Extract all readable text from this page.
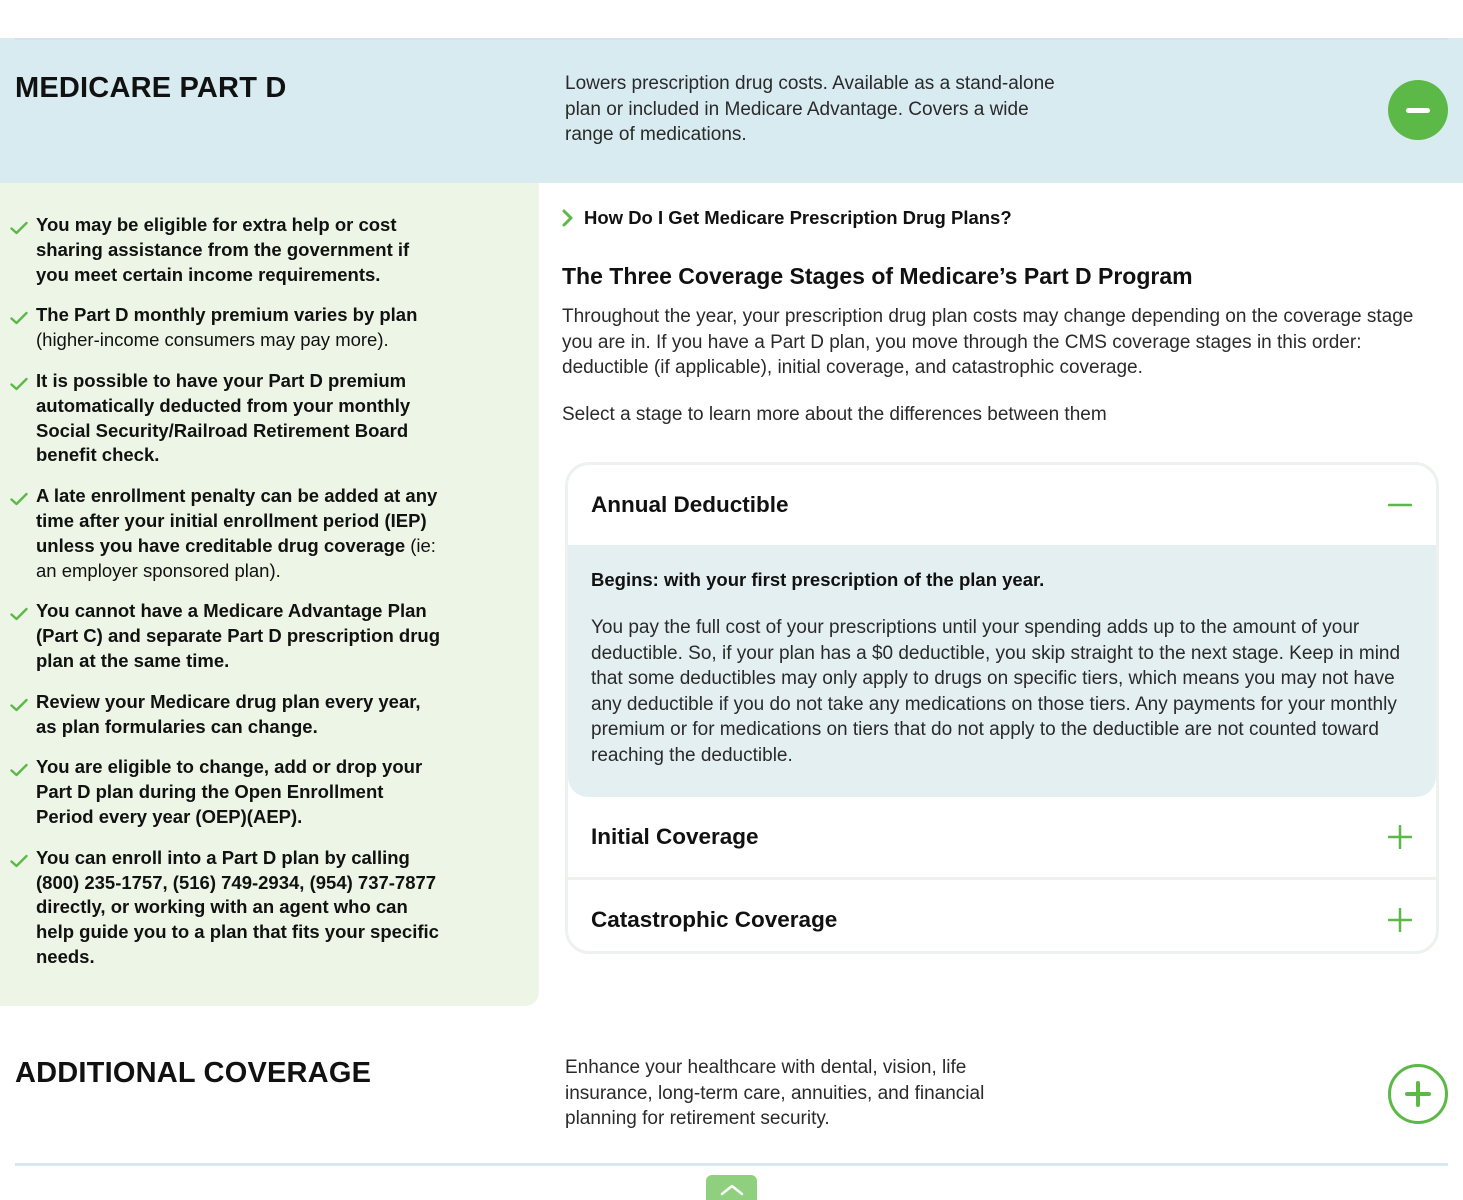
MEDICARE PART D	Lowers prescription drug costs. Available as a stand-alone plan or included in Medicare Advantage. Covers a wide range of medications.

You may be eligible for extra help or cost sharing assistance from the government if you meet certain income requirements.
The Part D monthly premium varies by plan (higher-income consumers may pay more).
It is possible to have your Part D premium automatically deducted from your monthly Social Security/Railroad Retirement Board benefit check.
A late enrollment penalty can be added at any time after your initial enrollment period (IEP) unless you have creditable drug coverage (ie: an employer sponsored plan).
You cannot have a Medicare Advantage Plan (Part C) and separate Part D prescription drug plan at the same time.
Review your Medicare drug plan every year, as plan formularies can change.
You are eligible to change, add or drop your Part D plan during the Open Enrollment Period every year (OEP)(AEP).
You can enroll into a Part D plan by calling (800) 235-1757, (516) 749-2934, (954) 737-7877 directly, or working with an agent who can help guide you to a plan that fits your specific needs.
How Do I Get Medicare Prescription Drug Plans?
The Three Coverage Stages of Medicare’s Part D Program

Throughout the year, your prescription drug plan costs may change depending on the coverage stage you are in. If you have a Part D plan, you move through the CMS coverage stages in this order: deductible (if applicable), initial coverage, and catastrophic coverage.

Select a stage to learn more about the differences between them

Annual Deductible

Begins: with your first prescription of the plan year.

You pay the full cost of your prescriptions until your spending adds up to the amount of your deductible. So, if your plan has a $0 deductible, you skip straight to the next stage. Keep in mind that some deductibles may only apply to drugs on specific tiers, which means you may not have any deductible if you do not take any medications on those tiers. Any payments for your monthly premium or for medications on tiers that do not apply to the deductible are not counted toward reaching the deductible.

Initial Coverage
Catastrophic Coverage
ADDITIONAL COVERAGE	Enhance your healthcare with dental, vision, life insurance, long-term care, annuities, and financial planning for retirement security.
